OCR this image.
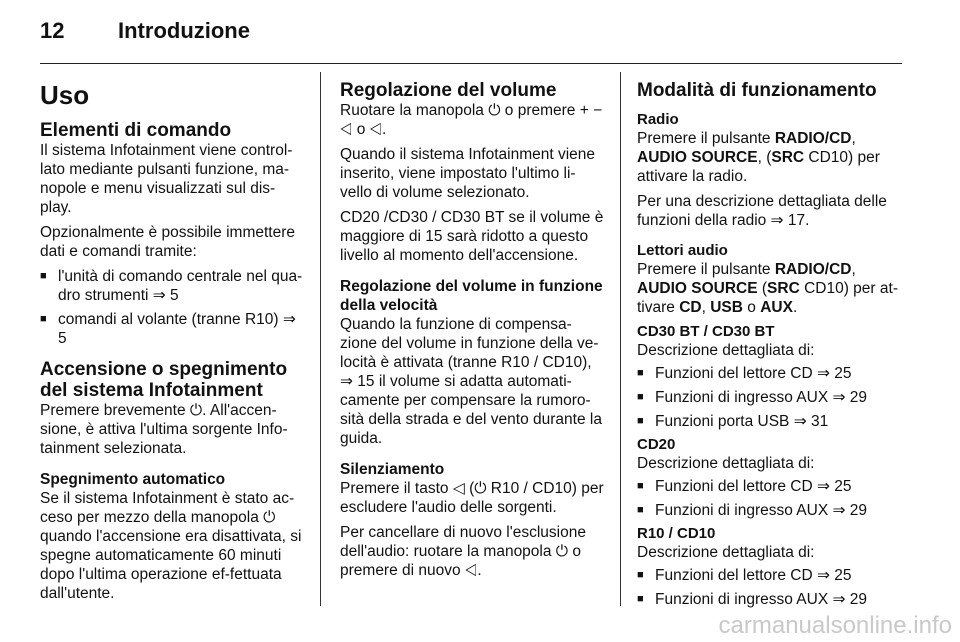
12 Introduzione
Uso
Elementi di comando

Il sistema Infotainment viene control-lato mediante pulsanti funzione, ma-nopole e menu visualizzati sul dis-play.

Opzionalmente è possibile immettere dati e comandi tramite:

■ l'unità di comando centrale nel qua-dro strumenti ⇒ 5
■ comandi al volante (tranne R10) ⇒ 5
Accensione o spegnimento del sistema Infotainment

Premere brevemente ⏻. All'accen-sione, è attiva l'ultima sorgente Info-tainment selezionata.

Spegnimento automatico

Se il sistema Infotainment è stato ac-ceso per mezzo della manopola ⏻ quando l'accensione era disattivata, si spegne automaticamente 60 minuti dopo l'ultima operazione ef-fettuata dall'utente.

Regolazione del volume

Ruotare la manopola ⏻ o premere + − ◁ o ◁.

Quando il sistema Infotainment viene inserito, viene impostato l'ultimo li-vello di volume selezionato.

CD20 /CD30 / CD30 BT se il volume è maggiore di 15 sarà ridotto a questo livello al momento dell'accensione.

Regolazione del volume in funzione della velocità

Quando la funzione di compensa-zione del volume in funzione della ve-locità è attivata (tranne R10 / CD10), ⇒ 15 il volume si adatta automati-camente per compensare la rumoro-sità della strada e del vento durante la guida.

Silenziamento

Premere il tasto ◁ (⏻ R10 / CD10) per escludere l'audio delle sorgenti.

Per cancellare di nuovo l'esclusione dell'audio: ruotare la manopola ⏻ o premere di nuovo ◁.

Modalità di funzionamento
Radio

Premere il pulsante RADIO/CD, AUDIO SOURCE, (SRC CD10) per attivare la radio.

Per una descrizione dettagliata delle funzioni della radio ⇒ 17.

Lettori audio

Premere il pulsante RADIO/CD, AUDIO SOURCE (SRC CD10) per at-tivare CD, USB o AUX.

CD30 BT / CD30 BT

Descrizione dettagliata di:

■ Funzioni del lettore CD ⇒ 25
■ Funzioni di ingresso AUX ⇒ 29
■ Funzioni porta USB ⇒ 31
CD20

Descrizione dettagliata di:

■ Funzioni del lettore CD ⇒ 25
■ Funzioni di ingresso AUX ⇒ 29
R10 / CD10

Descrizione dettagliata di:

■ Funzioni del lettore CD ⇒ 25
■ Funzioni di ingresso AUX ⇒ 29
carmanualsonline.info
